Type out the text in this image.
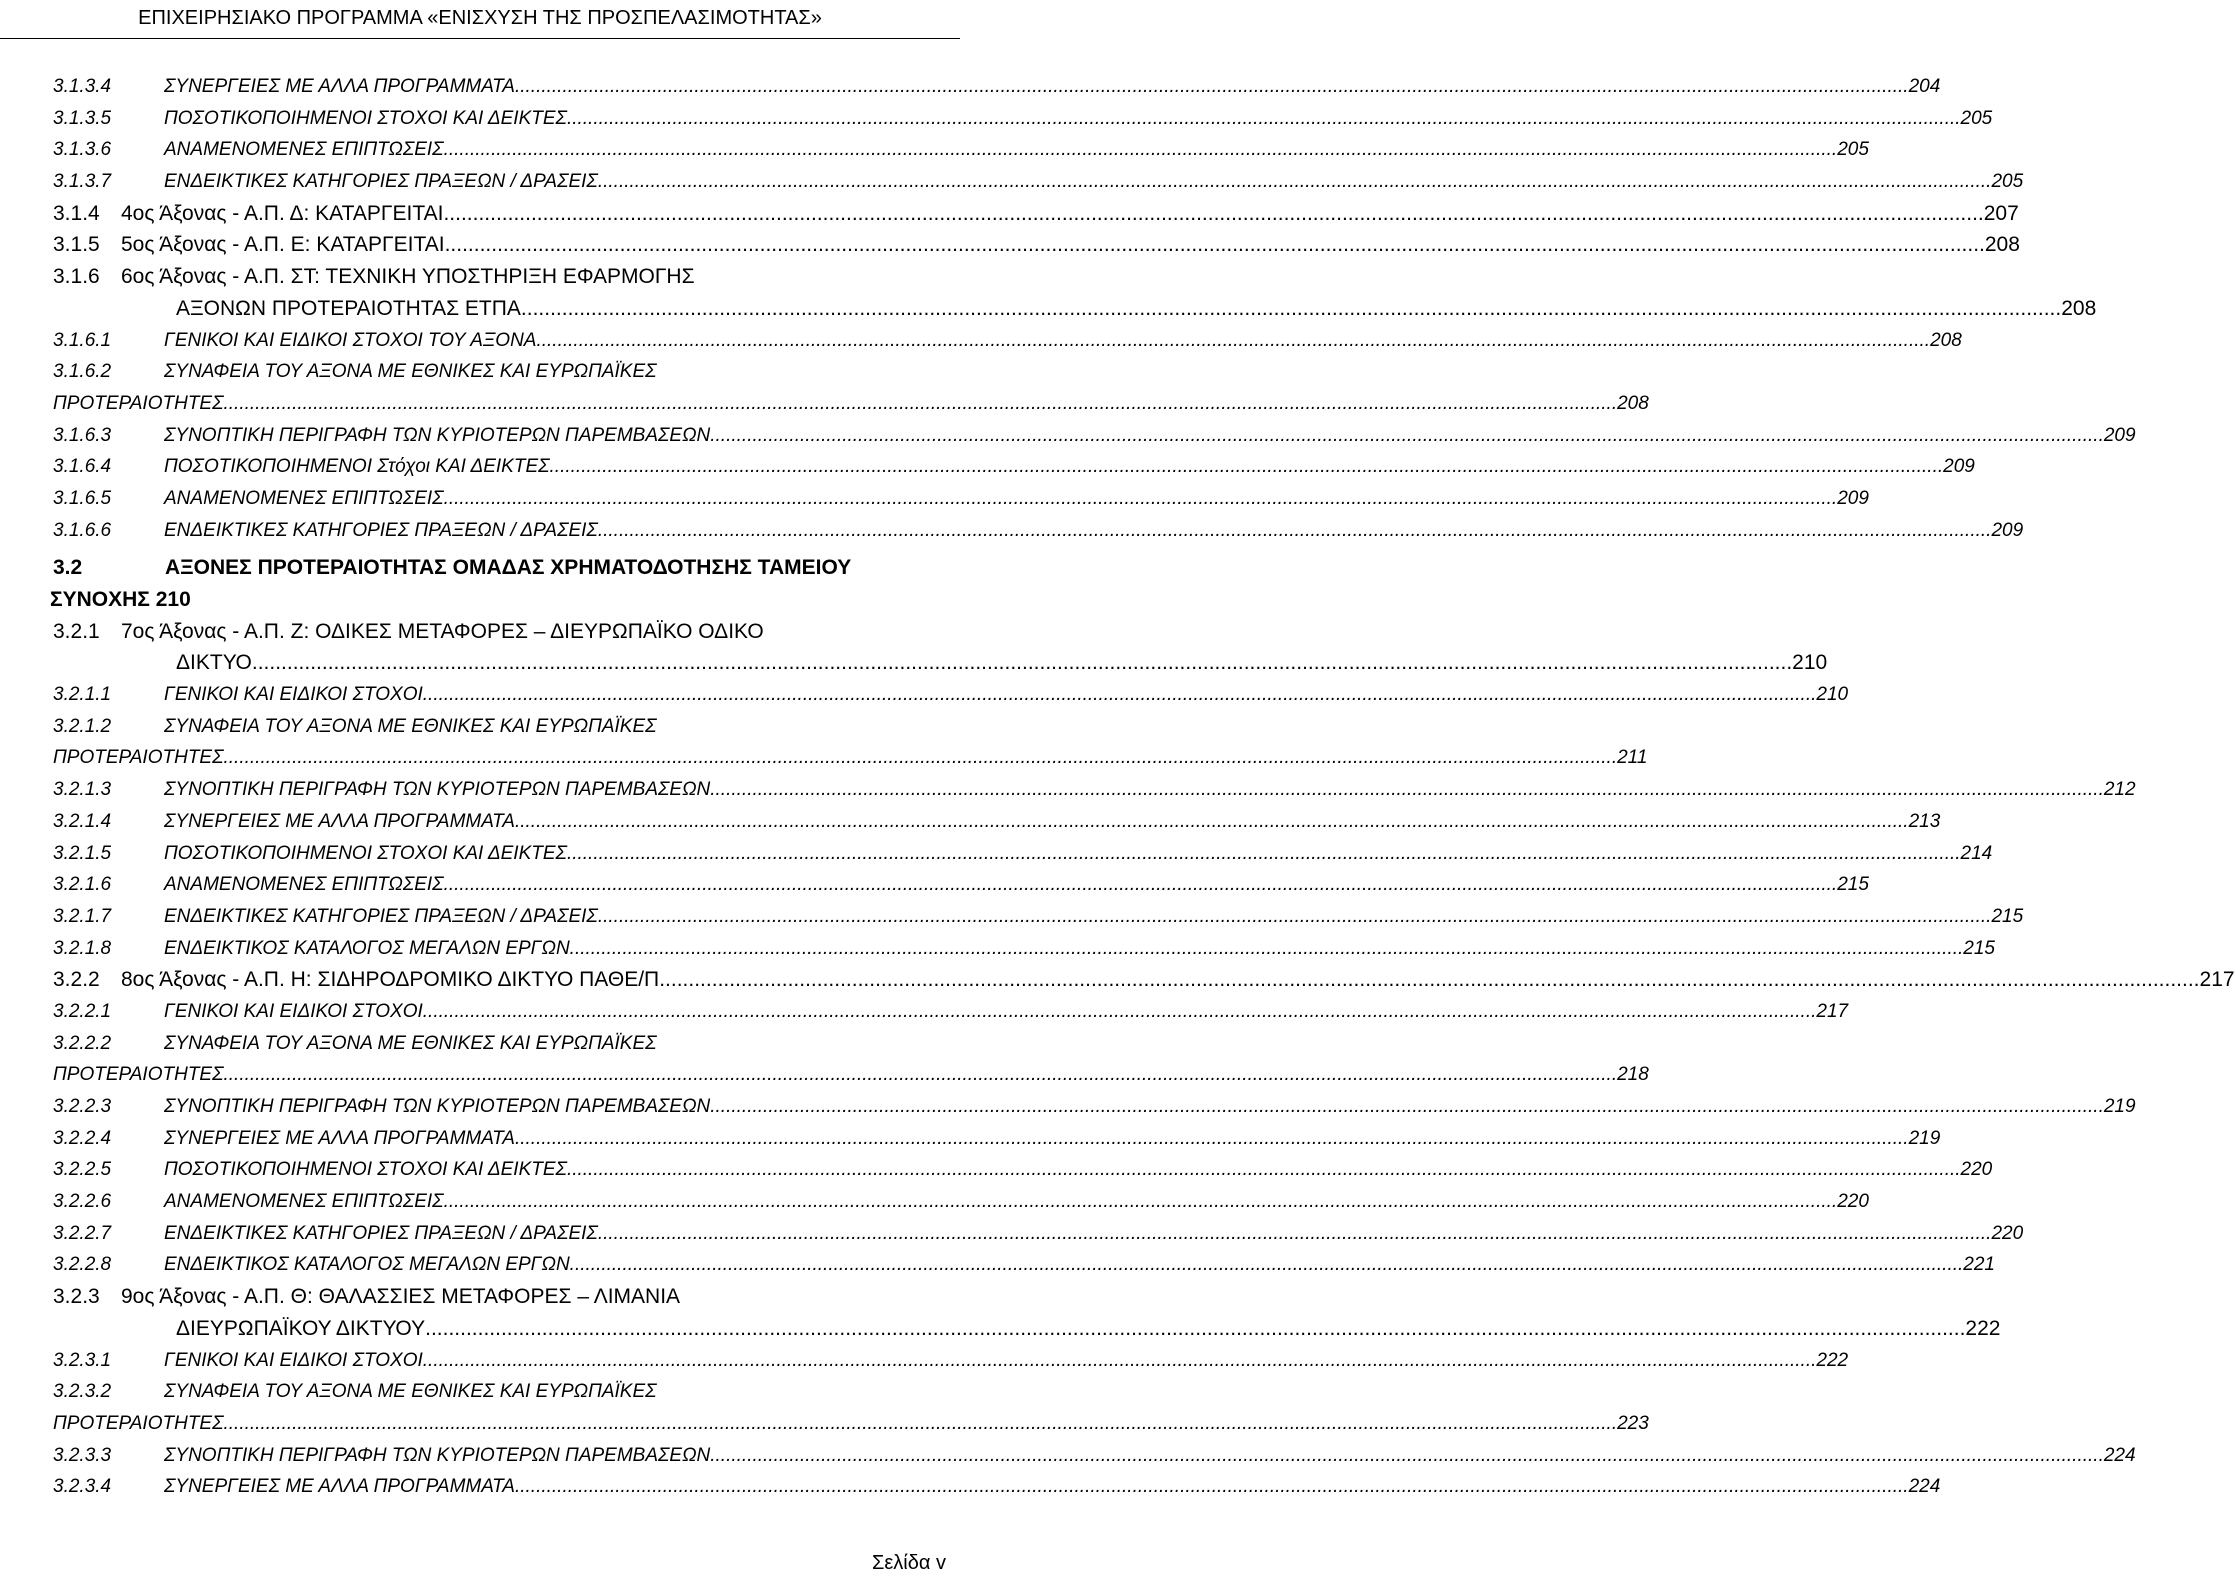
ΕΠΙΧΕΙΡΗΣΙΑΚΟ ΠΡΟΓΡΑΜΜΑ «ΕΝΙΣΧΥΣΗ ΤΗΣ ΠΡΟΣΠΕΛΑΣΙΜΟΤΗΤΑΣ»
3.1.3.4	ΣΥΝΕΡΓΕΙΕΣ ΜΕ ΑΛΛΑ ΠΡΟΓΡΑΜΜΑΤΑ .....	204
3.1.3.5	ΠΟΣΟΤΙΚΟΠΟΙΗΜΕΝΟΙ ΣΤΟΧΟΙ ΚΑΙ ΔΕΙΚΤΕΣ .....	205
3.1.3.6	ΑΝΑΜΕΝΟΜΕΝΕΣ ΕΠΙΠΤΩΣΕΙΣ .....	205
3.1.3.7	ΕΝΔΕΙΚΤΙΚΕΣ ΚΑΤΗΓΟΡΙΕΣ ΠΡΑΞΕΩΝ / ΔΡΑΣΕΙΣ .....	205
3.1.4	4ος Άξονας - Α.Π. Δ: ΚΑΤΑΡΓΕΙΤΑΙ .....	207
3.1.5	5ος Άξονας - Α.Π. Ε: ΚΑΤΑΡΓΕΙΤΑΙ .....	208
3.1.6	6ος Άξονας - Α.Π. ΣΤ: ΤΕΧΝΙΚΗ ΥΠΟΣΤΗΡΙΞΗ ΕΦΑΡΜΟΓΗΣ
ΑΞΟΝΩΝ ΠΡΟΤΕΡΑΙΟΤΗΤΑΣ ΕΤΠΑ .....	208
3.1.6.1	ΓΕΝΙΚΟΙ ΚΑΙ ΕΙΔΙΚΟΙ ΣΤΟΧΟΙ ΤΟΥ ΑΞΟΝΑ .....	208
3.1.6.2	ΣΥΝΑΦΕΙΑ ΤΟΥ ΑΞΟΝΑ ΜΕ ΕΘΝΙΚΕΣ ΚΑΙ ΕΥΡΩΠΑΪΚΕΣ
ΠΡΟΤΕΡΑΙΟΤΗΤΕΣ .....	208
3.1.6.3	ΣΥΝΟΠΤΙΚΗ ΠΕΡΙΓΡΑΦΗ ΤΩΝ ΚΥΡΙΟΤΕΡΩΝ ΠΑΡΕΜΒΑΣΕΩΝ .....	209
3.1.6.4	ΠΟΣΟΤΙΚΟΠΟΙΗΜΕΝΟΙ Στόχοι ΚΑΙ ΔΕΙΚΤΕΣ .....	209
3.1.6.5	ΑΝΑΜΕΝΟΜΕΝΕΣ ΕΠΙΠΤΩΣΕΙΣ .....	209
3.1.6.6	ΕΝΔΕΙΚΤΙΚΕΣ ΚΑΤΗΓΟΡΙΕΣ ΠΡΑΞΕΩΝ / ΔΡΑΣΕΙΣ .....	209
3.2	ΑΞΟΝΕΣ ΠΡΟΤΕΡΑΙΟΤΗΤΑΣ ΟΜΑΔΑΣ ΧΡΗΜΑΤΟΔΟΤΗΣΗΣ ΤΑΜΕΙΟΥ
ΣΥΝΟΧΗΣ 210
3.2.1	7ος Άξονας - Α.Π. Ζ: ΟΔΙΚΕΣ ΜΕΤΑΦΟΡΕΣ – ΔΙΕΥΡΩΠΑΪΚΟ ΟΔΙΚΟ
ΔΙΚΤΥΟ .....	210
3.2.1.1	ΓΕΝΙΚΟΙ ΚΑΙ ΕΙΔΙΚΟΙ ΣΤΟΧΟΙ .....	210
3.2.1.2	ΣΥΝΑΦΕΙΑ ΤΟΥ ΑΞΟΝΑ ΜΕ ΕΘΝΙΚΕΣ ΚΑΙ ΕΥΡΩΠΑΪΚΕΣ
ΠΡΟΤΕΡΑΙΟΤΗΤΕΣ .....	211
3.2.1.3	ΣΥΝΟΠΤΙΚΗ ΠΕΡΙΓΡΑΦΗ ΤΩΝ ΚΥΡΙΟΤΕΡΩΝ ΠΑΡΕΜΒΑΣΕΩΝ .....	212
3.2.1.4	ΣΥΝΕΡΓΕΙΕΣ ΜΕ ΑΛΛΑ ΠΡΟΓΡΑΜΜΑΤΑ .....	213
3.2.1.5	ΠΟΣΟΤΙΚΟΠΟΙΗΜΕΝΟΙ ΣΤΟΧΟΙ ΚΑΙ ΔΕΙΚΤΕΣ .....	214
3.2.1.6	ΑΝΑΜΕΝΟΜΕΝΕΣ ΕΠΙΠΤΩΣΕΙΣ .....	215
3.2.1.7	ΕΝΔΕΙΚΤΙΚΕΣ ΚΑΤΗΓΟΡΙΕΣ ΠΡΑΞΕΩΝ / ΔΡΑΣΕΙΣ .....	215
3.2.1.8	ΕΝΔΕΙΚΤΙΚΟΣ ΚΑΤΑΛΟΓΟΣ ΜΕΓΑΛΩΝ ΕΡΓΩΝ .....	215
3.2.2	8ος Άξονας - Α.Π. Η: ΣΙΔΗΡΟΔΡΟΜΙΚΟ ΔΙΚΤΥΟ ΠΑΘΕ/Π .....	217
3.2.2.1	ΓΕΝΙΚΟΙ ΚΑΙ ΕΙΔΙΚΟΙ ΣΤΟΧΟΙ .....	217
3.2.2.2	ΣΥΝΑΦΕΙΑ ΤΟΥ ΑΞΟΝΑ ΜΕ ΕΘΝΙΚΕΣ ΚΑΙ ΕΥΡΩΠΑΪΚΕΣ
ΠΡΟΤΕΡΑΙΟΤΗΤΕΣ .....	218
3.2.2.3	ΣΥΝΟΠΤΙΚΗ ΠΕΡΙΓΡΑΦΗ ΤΩΝ ΚΥΡΙΟΤΕΡΩΝ ΠΑΡΕΜΒΑΣΕΩΝ .....	219
3.2.2.4	ΣΥΝΕΡΓΕΙΕΣ ΜΕ ΑΛΛΑ ΠΡΟΓΡΑΜΜΑΤΑ .....	219
3.2.2.5	ΠΟΣΟΤΙΚΟΠΟΙΗΜΕΝΟΙ ΣΤΟΧΟΙ ΚΑΙ ΔΕΙΚΤΕΣ .....	220
3.2.2.6	ΑΝΑΜΕΝΟΜΕΝΕΣ ΕΠΙΠΤΩΣΕΙΣ .....	220
3.2.2.7	ΕΝΔΕΙΚΤΙΚΕΣ ΚΑΤΗΓΟΡΙΕΣ ΠΡΑΞΕΩΝ / ΔΡΑΣΕΙΣ .....	220
3.2.2.8	ΕΝΔΕΙΚΤΙΚΟΣ ΚΑΤΑΛΟΓΟΣ ΜΕΓΑΛΩΝ ΕΡΓΩΝ .....	221
3.2.3	9ος Άξονας - Α.Π. Θ: ΘΑΛΑΣΣΙΕΣ ΜΕΤΑΦΟΡΕΣ – ΛΙΜΑΝΙΑ
ΔΙΕΥΡΩΠΑΪΚΟΥ ΔΙΚΤΥΟΥ .....	222
3.2.3.1	ΓΕΝΙΚΟΙ ΚΑΙ ΕΙΔΙΚΟΙ ΣΤΟΧΟΙ .....	222
3.2.3.2	ΣΥΝΑΦΕΙΑ ΤΟΥ ΑΞΟΝΑ ΜΕ ΕΘΝΙΚΕΣ ΚΑΙ ΕΥΡΩΠΑΪΚΕΣ
ΠΡΟΤΕΡΑΙΟΤΗΤΕΣ .....	223
3.2.3.3	ΣΥΝΟΠΤΙΚΗ ΠΕΡΙΓΡΑΦΗ ΤΩΝ ΚΥΡΙΟΤΕΡΩΝ ΠΑΡΕΜΒΑΣΕΩΝ .....	224
3.2.3.4	ΣΥΝΕΡΓΕΙΕΣ ΜΕ ΑΛΛΑ ΠΡΟΓΡΑΜΜΑΤΑ .....	224
Σελίδα v
